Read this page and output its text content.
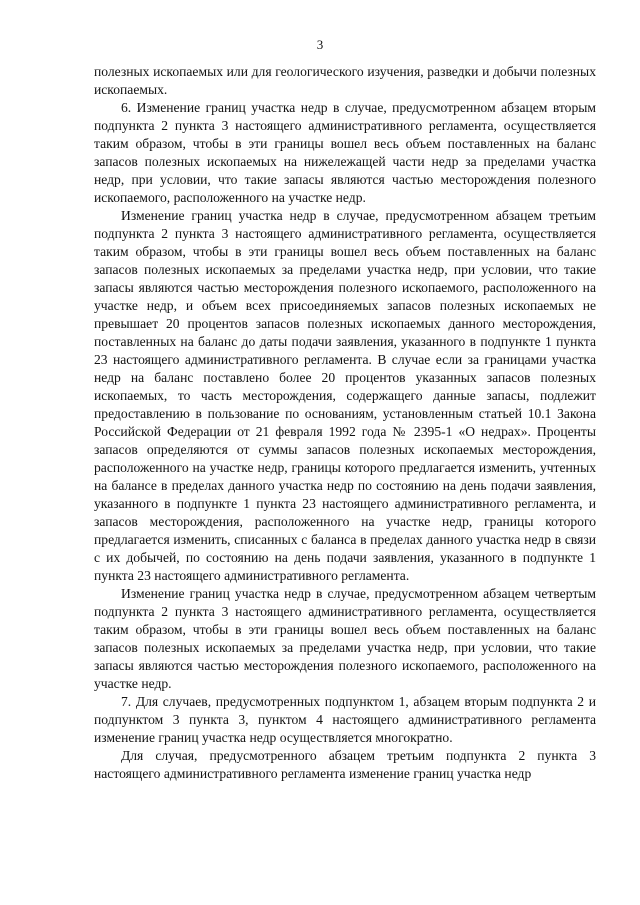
3

полезных ископаемых или для геологического изучения, разведки и добычи полезных ископаемых.

6. Изменение границ участка недр в случае, предусмотренном абзацем вторым подпункта 2 пункта 3 настоящего административного регламента, осуществляется таким образом, чтобы в эти границы вошел весь объем поставленных на баланс запасов полезных ископаемых на нижележащей части недр за пределами участка недр, при условии, что такие запасы являются частью месторождения полезного ископаемого, расположенного на участке недр.

Изменение границ участка недр в случае, предусмотренном абзацем третьим подпункта 2 пункта 3 настоящего административного регламента, осуществляется таким образом, чтобы в эти границы вошел весь объем поставленных на баланс запасов полезных ископаемых за пределами участка недр, при условии, что такие запасы являются частью месторождения полезного ископаемого, расположенного на участке недр, и объем всех присоединяемых запасов полезных ископаемых не превышает 20 процентов запасов полезных ископаемых данного месторождения, поставленных на баланс до даты подачи заявления, указанного в подпункте 1 пункта 23 настоящего административного регламента. В случае если за границами участка недр на баланс поставлено более 20 процентов указанных запасов полезных ископаемых, то часть месторождения, содержащего данные запасы, подлежит предоставлению в пользование по основаниям, установленным статьей 10.1 Закона Российской Федерации от 21 февраля 1992 года № 2395-1 «О недрах». Проценты запасов определяются от суммы запасов полезных ископаемых месторождения, расположенного на участке недр, границы которого предлагается изменить, учтенных на балансе в пределах данного участка недр по состоянию на день подачи заявления, указанного в подпункте 1 пункта 23 настоящего административного регламента, и запасов месторождения, расположенного на участке недр, границы которого предлагается изменить, списанных с баланса в пределах данного участка недр в связи с их добычей, по состоянию на день подачи заявления, указанного в подпункте 1 пункта 23 настоящего административного регламента.

Изменение границ участка недр в случае, предусмотренном абзацем четвертым подпункта 2 пункта 3 настоящего административного регламента, осуществляется таким образом, чтобы в эти границы вошел весь объем поставленных на баланс запасов полезных ископаемых за пределами участка недр, при условии, что такие запасы являются частью месторождения полезного ископаемого, расположенного на участке недр.

7. Для случаев, предусмотренных подпунктом 1, абзацем вторым подпункта 2 и подпунктом 3 пункта 3, пунктом 4 настоящего административного регламента изменение границ участка недр осуществляется многократно.

Для случая, предусмотренного абзацем третьим подпункта 2 пункта 3 настоящего административного регламента изменение границ участка недр
